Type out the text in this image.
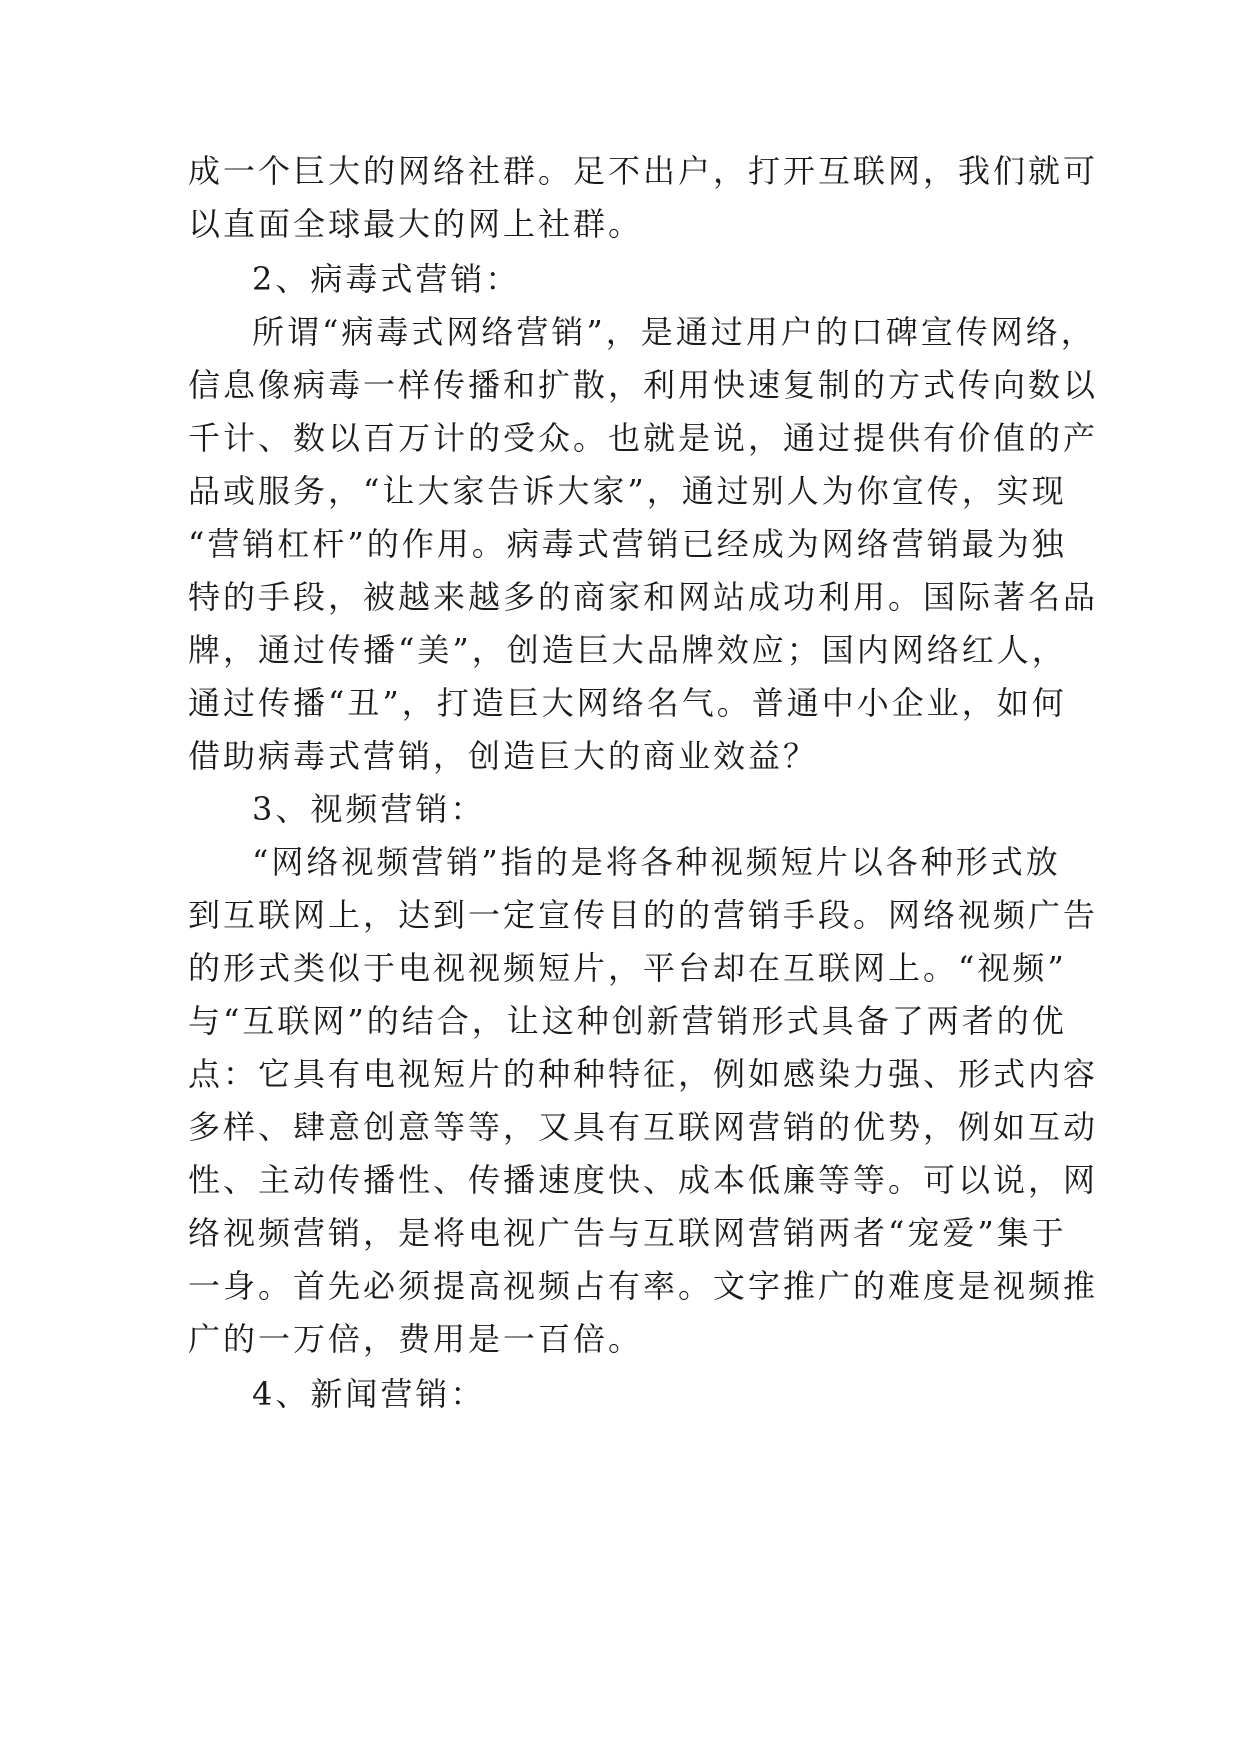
成一个巨大的网络社群。足不出户，打开互联网，我们就可
以直面全球最大的网上社群。
2、病毒式营销：
所谓“病毒式网络营销”，是通过用户的口碑宣传网络，
信息像病毒一样传播和扩散，利用快速复制的方式传向数以
千计、数以百万计的受众。也就是说，通过提供有价值的产
品或服务，“让大家告诉大家”，通过别人为你宣传，实现
“营销杠杆”的作用。病毒式营销已经成为网络营销最为独
特的手段，被越来越多的商家和网站成功利用。国际著名品
牌，通过传播“美”，创造巨大品牌效应；国内网络红人，
通过传播“丑”，打造巨大网络名气。普通中小企业，如何
借助病毒式营销，创造巨大的商业效益？
3、视频营销：
“网络视频营销”指的是将各种视频短片以各种形式放
到互联网上，达到一定宣传目的的营销手段。网络视频广告
的形式类似于电视视频短片，平台却在互联网上。“视频”
与“互联网”的结合，让这种创新营销形式具备了两者的优
点：它具有电视短片的种种特征，例如感染力强、形式内容
多样、肆意创意等等，又具有互联网营销的优势，例如互动
性、主动传播性、传播速度快、成本低廉等等。可以说，网
络视频营销，是将电视广告与互联网营销两者“宠爱”集于
一身。首先必须提高视频占有率。文字推广的难度是视频推
广的一万倍，费用是一百倍。
4、新闻营销：
